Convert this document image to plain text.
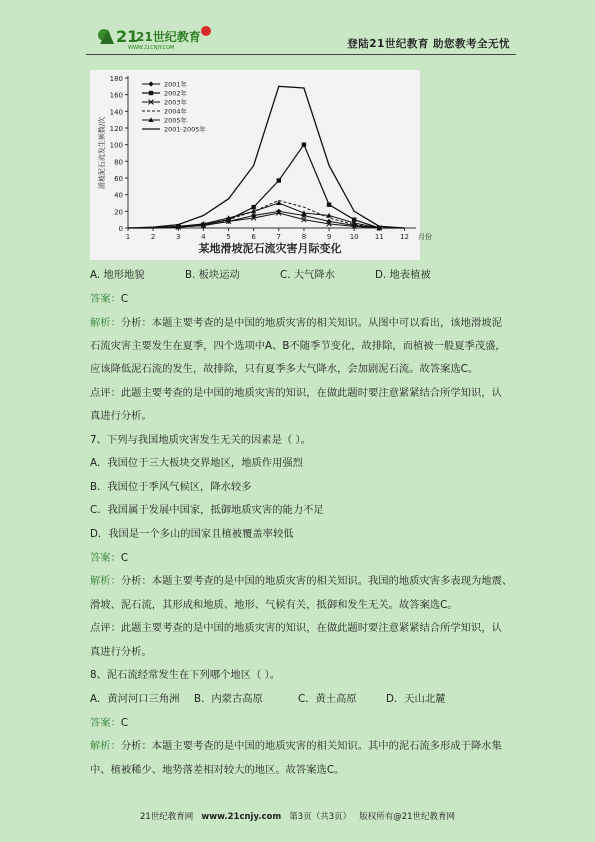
21
21世纪教育
WWW.21CNJY.COM	登陆21世纪教育 助您教考全无忧
0
20
40
60
80
100
120
140
160
180
1	2	3	4	5	6	7	8	9	10 11 12 月份
滑坡泥石流发生频数/次
2001年
2002年
2003年
2004年
2005年
2001-2005年
某地滑坡泥石流灾害月际变化
A. 地形地貌	B. 板块运动	C. 大气降水	D. 地表植被
答案：C
解析：分析：本题主要考查的是中国的地质灾害的相关知识。从图中可以看出，该地滑坡泥
石流灾害主要发生在夏季，四个选项中A、B不随季节变化，故排除，而植被一般夏季茂盛，
应该降低泥石流的发生，故排除，只有夏季多大气降水，会加剧泥石流。故答案选C。
点评：此题主要考查的是中国的地质灾害的知识，在做此题时要注意紧紧结合所学知识，认
真进行分析。
7、下列与我国地质灾害发生无关的因素是（ ）。
A．我国位于三大板块交界地区，地质作用强烈
B．我国位于季风气候区，降水较多
C．我国属于发展中国家，抵御地质灾害的能力不足
D．我国是一个多山的国家且植被覆盖率较低
答案：C
解析：分析：本题主要考查的是中国的地质灾害的相关知识。我国的地质灾害多表现为地震、
滑坡、泥石流，其形成和地质、地形、气候有关，抵御和发生无关。故答案选C。
点评：此题主要考查的是中国的地质灾害的知识，在做此题时要注意紧紧结合所学知识，认
真进行分析。
8、泥石流经常发生在下列哪个地区（ ）。
A．黄河河口三角洲 B．内蒙古高原	C．黄土高原	D．天山北麓
答案：C
解析：分析：本题主要考查的是中国的地质灾害的相关知识。其中的泥石流多形成于降水集
中、植被稀少、地势落差相对较大的地区。故答案选C。
21世纪教育网 www.21cnjy.com 第3页（共3页） 版权所有@21世纪教育网
